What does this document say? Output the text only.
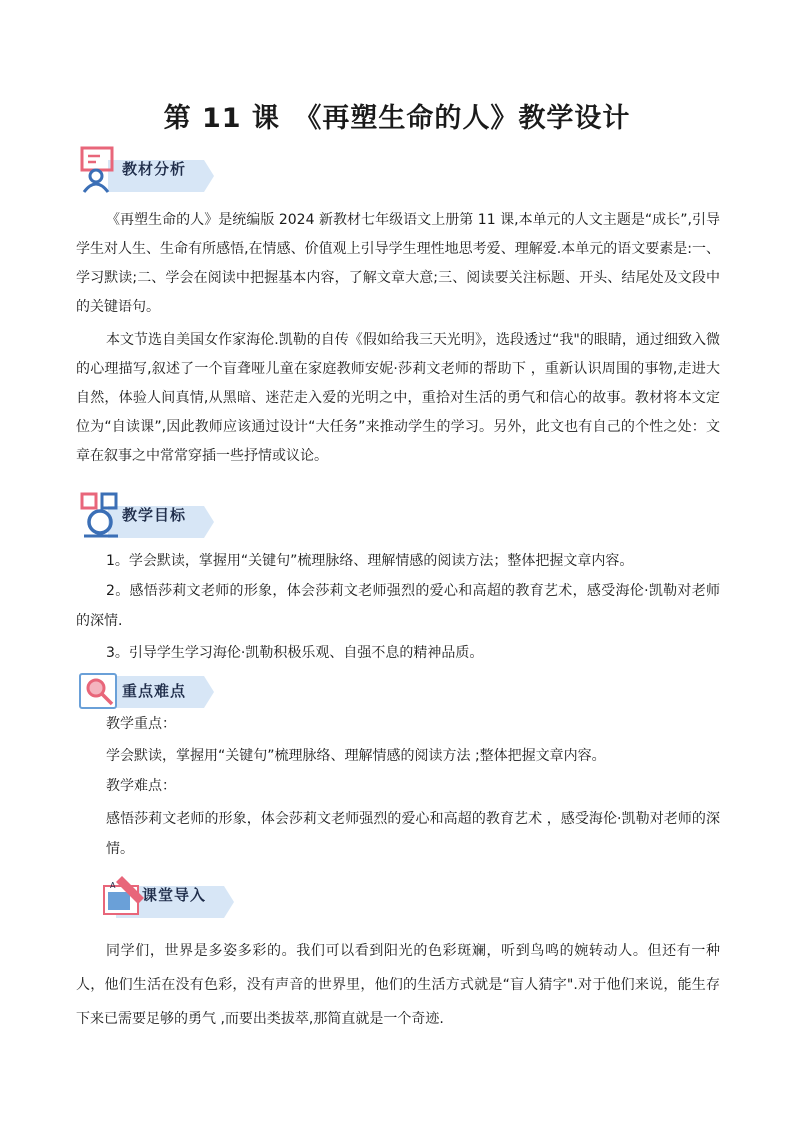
第 11 课　《再塑生命的人》教学设计
教材分析

《再塑生命的人》是统编版 2024 新教材七年级语文上册第 11 课,本单元的人文主题是“成长”,引导学生对人生、生命有所感悟,在情感、价值观上引导学生理性地思考爱、理解爱.本单元的语文要素是:一、学习默读;二、学会在阅读中把握基本内容，了解文章大意;三、阅读要关注标题、开头、结尾处及文段中的关键语句。

本文节选自美国女作家海伦.凯勒的自传《假如给我三天光明》，选段透过“我"的眼睛，通过细致入微的心理描写,叙述了一个盲聋哑儿童在家庭教师安妮·莎莉文老师的帮助下 ，重新认识周围的事物,走进大自然，体验人间真情,从黑暗、迷茫走入爱的光明之中，重拾对生活的勇气和信心的故事。教材将本文定位为“自读课”,因此教师应该通过设计“大任务”来推动学生的学习。另外，此文也有自己的个性之处：文章在叙事之中常常穿插一些抒情或议论。

教学目标

1。学会默读，掌握用“关键句”梳理脉络、理解情感的阅读方法；整体把握文章内容。

2。感悟莎莉文老师的形象，体会莎莉文老师强烈的爱心和高超的教育艺术，感受海伦·凯勒对老师的深情.

3。引导学生学习海伦·凯勒积极乐观、自强不息的精神品质。

重点难点

教学重点：

学会默读，掌握用“关键句”梳理脉络、理解情感的阅读方法 ;整体把握文章内容。

教学难点：

感悟莎莉文老师的形象，体会莎莉文老师强烈的爱心和高超的教育艺术 ，感受海伦·凯勒对老师的深情。

A
课堂导入

同学们，世界是多姿多彩的。我们可以看到阳光的色彩斑斓，听到鸟鸣的婉转动人。但还有一种人，他们生活在没有色彩，没有声音的世界里，他们的生活方式就是“盲人猜字".对于他们来说，能生存下来已需要足够的勇气 ,而要出类拔萃,那简直就是一个奇迹.
